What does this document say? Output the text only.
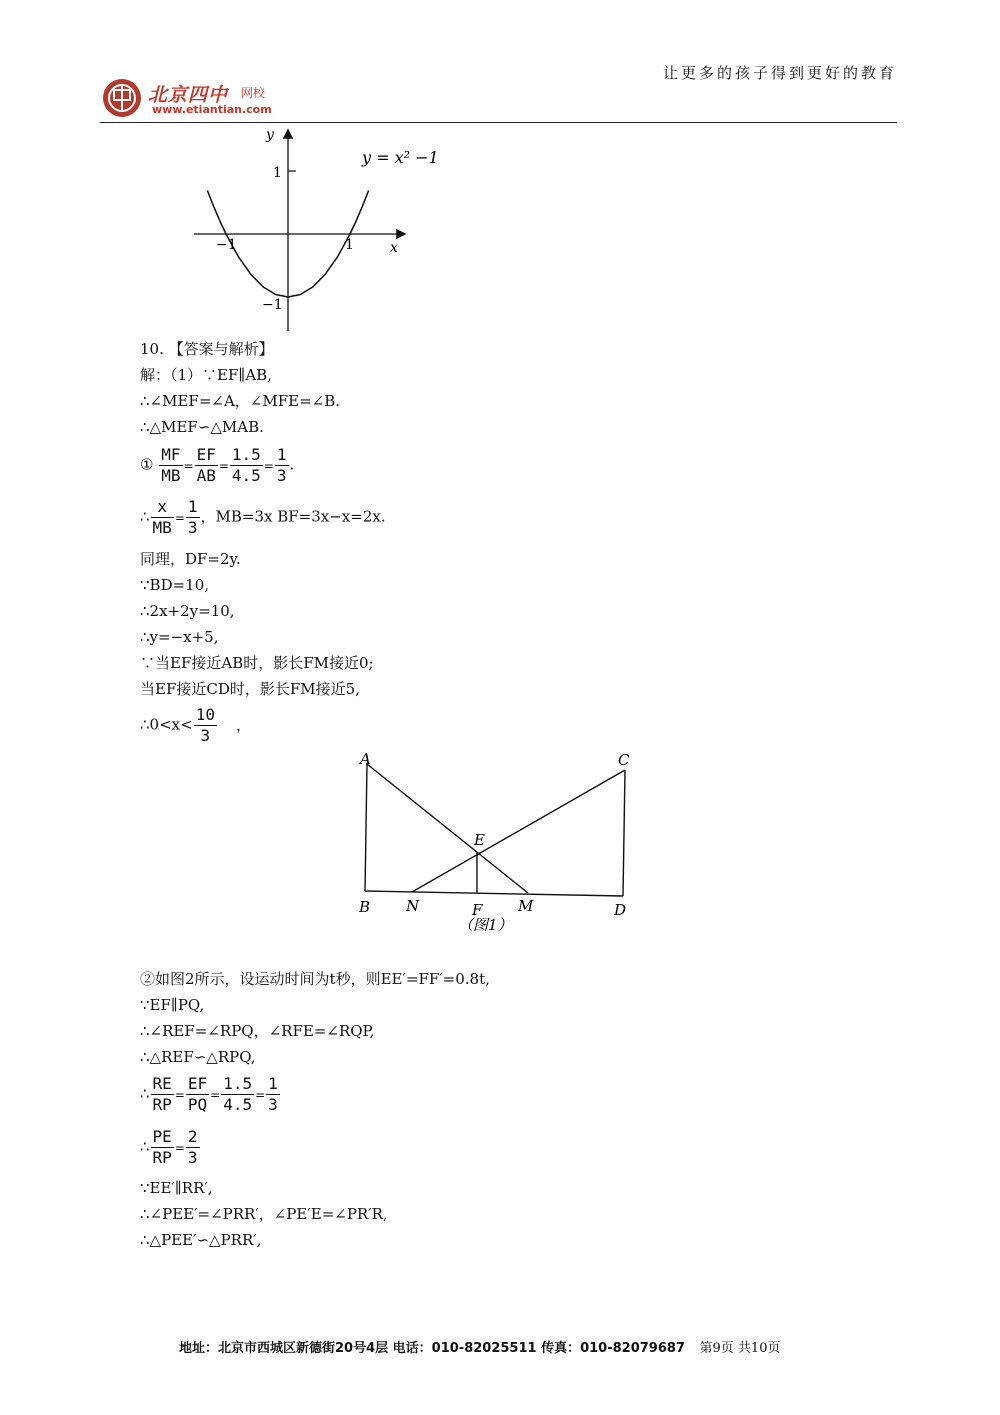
让更多的孩子得到更好的教育
北京四中 网校
www.etiantian.com
y
x
1
−1
−1	1
y = x² −1
10. 【答案与解析】
解：（1）∵EF∥AB,
∴∠MEF=∠A，∠MFE=∠B.
∴△MEF∽△MAB.
① $\frac{MF}{MB} = \frac{EF}{AB} = \frac{1.5}{4.5} = \frac{1}{3}$ .
∴ $\frac{x}{MB} = \frac{1}{3}$ ，MB=3x BF=3x−x=2x.
同理，DF=2y.
∵BD=10,
∴2x+2y=10,
∴y=−x+5,
∵当EF接近AB时，影长FM接近0;
当EF接近CD时，影长FM接近5,
∴0<x< $\frac{10}{3}$ ，
A	C
E
B N	F M	D
（图1）
②如图2所示，设运动时间为t秒，则EE′=FF′=0.8t,
∵EF∥PQ,
∴∠REF=∠RPQ，∠RFE=∠RQP,
∴△REF∽△RPQ,
∴ $\frac{RE}{RP} = \frac{EF}{PQ} = \frac{1.5}{4.5} = \frac{1}{3}$
∴ $\frac{PE}{RP} = \frac{2}{3}$
∵EE′∥RR′,
∴∠PEE′=∠PRR′，∠PE′E=∠PR′R,
∴△PEE′∽△PRR′,
地址：北京市西城区新德街20号4层 电话：010-82025511 传真：010-82079687 第9页 共10页
